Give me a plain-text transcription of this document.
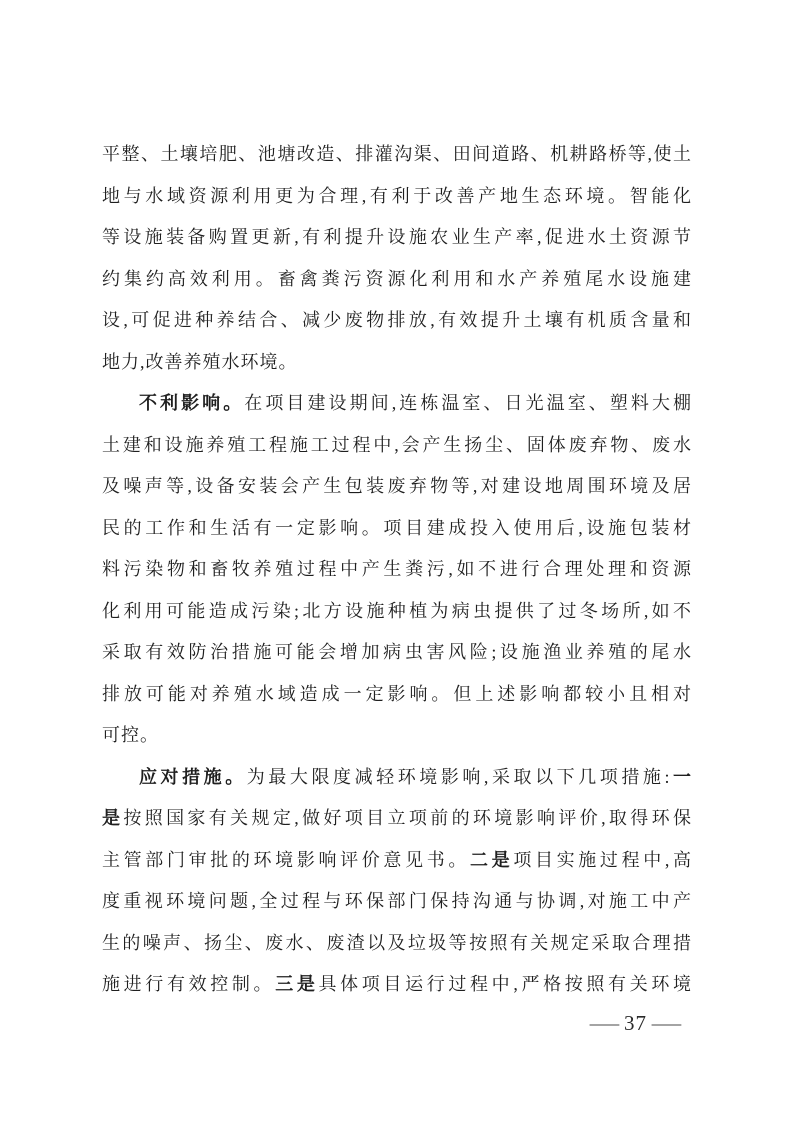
平整、土壤培肥、池塘改造、排灌沟渠、田间道路、机耕路桥等,使土
地与水域资源利用更为合理,有利于改善产地生态环境。智能化
等设施装备购置更新,有利提升设施农业生产率,促进水土资源节
约集约高效利用。畜禽粪污资源化利用和水产养殖尾水设施建
设,可促进种养结合、减少废物排放,有效提升土壤有机质含量和
地力,改善养殖水环境。
不利影响。在项目建设期间,连栋温室、日光温室、塑料大棚
土建和设施养殖工程施工过程中,会产生扬尘、固体废弃物、废水
及噪声等,设备安装会产生包装废弃物等,对建设地周围环境及居
民的工作和生活有一定影响。项目建成投入使用后,设施包装材
料污染物和畜牧养殖过程中产生粪污,如不进行合理处理和资源
化利用可能造成污染;北方设施种植为病虫提供了过冬场所,如不
采取有效防治措施可能会增加病虫害风险;设施渔业养殖的尾水
排放可能对养殖水域造成一定影响。但上述影响都较小且相对
可控。
应对措施。为最大限度减轻环境影响,采取以下几项措施:一
是按照国家有关规定,做好项目立项前的环境影响评价,取得环保
主管部门审批的环境影响评价意见书。二是项目实施过程中,高
度重视环境问题,全过程与环保部门保持沟通与协调,对施工中产
生的噪声、扬尘、废水、废渣以及垃圾等按照有关规定采取合理措
施进行有效控制。三是具体项目运行过程中,严格按照有关环境
— 37 —
